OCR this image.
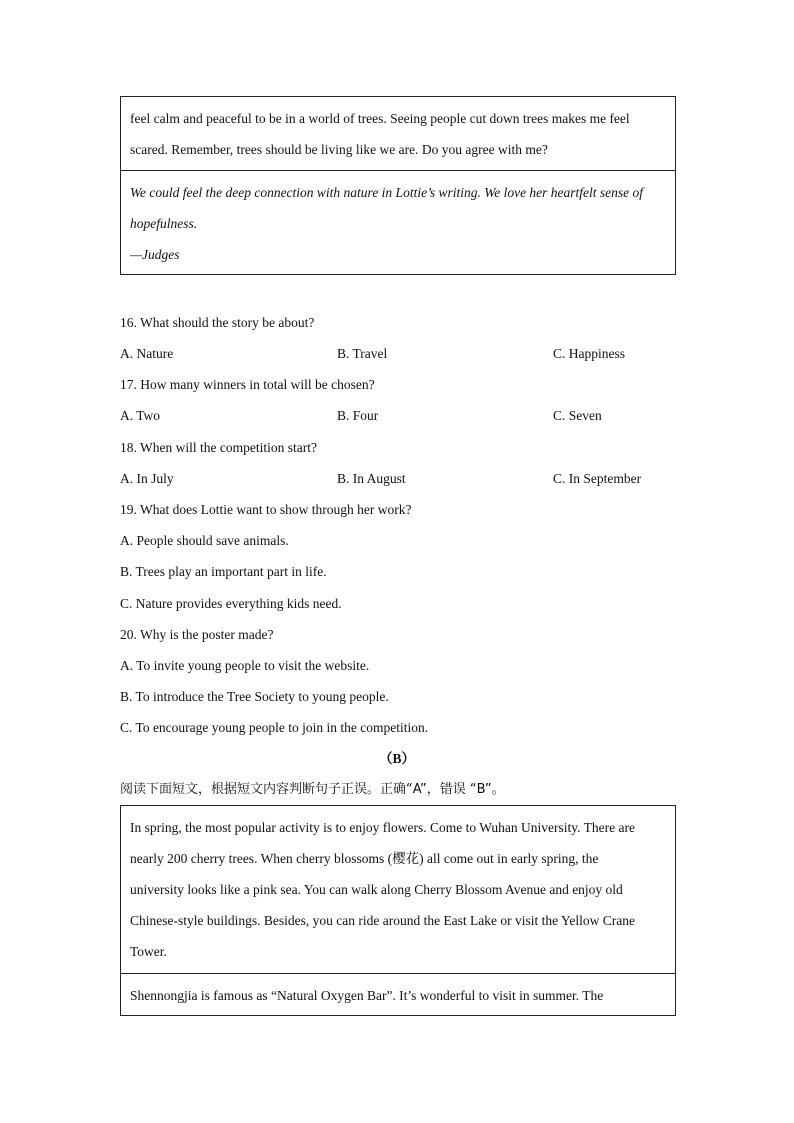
feel calm and peaceful to be in a world of trees. Seeing people cut down trees makes me feel
scared. Remember, trees should be living like we are. Do you agree with me?
We could feel the deep connection with nature in Lottie’s writing. We love her heartfelt sense of
hopefulness.
—Judges
16. What should the story be about?
A. Nature	B. Travel	C. Happiness
17. How many winners in total will be chosen?
A. Two	B. Four	C. Seven
18. When will the competition start?
A. In July	B. In August	C. In September
19. What does Lottie want to show through her work?
A. People should save animals.
B. Trees play an important part in life.
C. Nature provides everything kids need.
20. Why is the poster made?
A. To invite young people to visit the website.
B. To introduce the Tree Society to young people.
C. To encourage young people to join in the competition.
（B）
阅读下面短文，根据短文内容判断句子正误。正确“A”，错误 “B”。
In spring, the most popular activity is to enjoy flowers. Come to Wuhan University. There are
nearly 200 cherry trees. When cherry blossoms (樱花) all come out in early spring, the
university looks like a pink sea. You can walk along Cherry Blossom Avenue and enjoy old
Chinese-style buildings. Besides, you can ride around the East Lake or visit the Yellow Crane
Tower.
Shennongjia is famous as “Natural Oxygen Bar”. It’s wonderful to visit in summer. The
